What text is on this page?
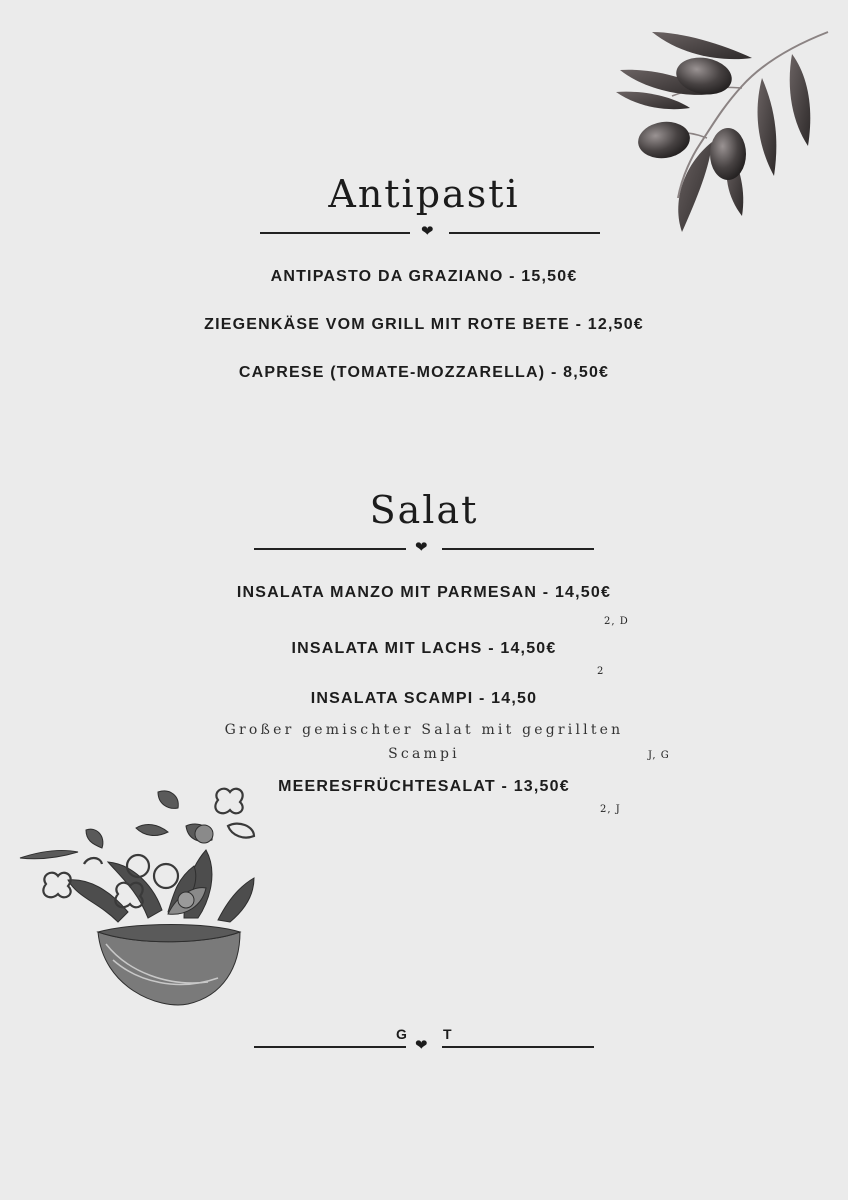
Antipasti
❤
ANTIPASTO DA GRAZIANO - 15,50€
ZIEGENKÄSE VOM GRILL MIT ROTE BETE - 12,50€
CAPRESE (TOMATE-MOZZARELLA) - 8,50€
Salat
❤
INSALATA MANZO MIT PARMESAN - 14,50€
2, D
INSALATA MIT LACHS - 14,50€
2
INSALATA SCAMPI - 14,50
Großer gemischter Salat mit gegrillten
Scampi	J, G
MEERESFRÜCHTESALAT - 13,50€
2, J
❤
G	T
